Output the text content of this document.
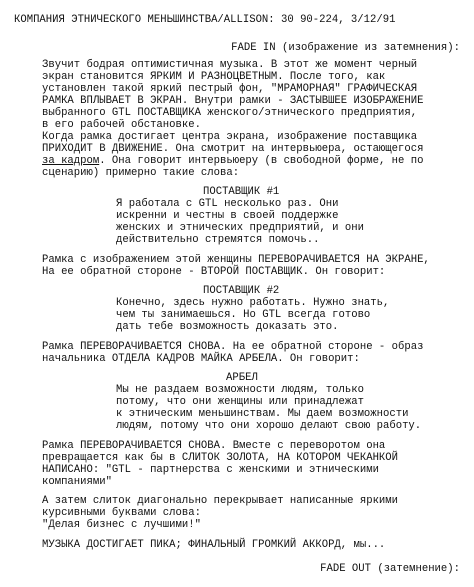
КОМПАНИЯ ЭТНИЧЕСКОГО МЕНЬШИНСТВА/ALLISON: 30 90-224, 3/12/91
FADE IN (изображение из затемнения):
Звучит бодрая оптимистичная музыка. В этот же момент черный
экран становится ЯРКИМ И РАЗНОЦВЕТНЫМ. После того, как
установлен такой яркий пестрый фон, "МРАМОРНАЯ" ГРАФИЧЕСКАЯ
РАМКА ВПЛЫВАЕТ В ЭКРАН. Внутри рамки - ЗАСТЫВШЕЕ ИЗОБРАЖЕНИЕ
выбранного GTL ПОСТАВЩИКА женского/этнического предприятия,
в его рабочей обстановке.
Когда рамка достигает центра экрана, изображение поставщика
ПРИХОДИТ В ДВИЖЕНИЕ. Она смотрит на интервьюера, остающегося
за кадром. Она говорит интервьюеру (в свободной форме, не по
сценарию) примерно такие слова:
ПОСТАВЩИК #1
Я работала с GTL несколько раз. Они
искренни и честны в своей поддержке
женских и этнических предприятий, и они
действительно стремятся помочь..
Рамка с изображением этой женщины ПЕРЕВОРАЧИВАЕТСЯ НА ЭКРАНЕ,
На ее обратной стороне - ВТОРОЙ ПОСТАВЩИК. Он говорит:
ПОСТАВЩИК #2
Конечно, здесь нужно работать. Нужно знать,
чем ты занимаешься. Но GTL всегда готово
дать тебе возможность доказать это.
Рамка ПЕРЕВОРАЧИВАЕТСЯ СНОВА. На ее обратной стороне - образ
начальника ОТДЕЛА КАДРОВ МАЙКА АРБЕЛА. Он говорит:
АРБЕЛ
Мы не раздаем возможности людям, только
потому, что они женщины или принадлежат
к этническим меньшинствам. Мы даем возможности
людям, потому что они хорошо делают свою работу.
Рамка ПЕРЕВОРАЧИВАЕТСЯ СНОВА. Вместе с переворотом она
превращается как бы в СЛИТОК ЗОЛОТА, НА КОТОРОМ ЧЕКАНКОЙ
НАПИСАНО: "GTL - партнерства с женскими и этническими
компаниями"
А затем слиток диагонально перекрывает написанные яркими
курсивными буквами слова:
"Делая бизнес с лучшими!"
МУЗЫКА ДОСТИГАЕТ ПИКА; ФИНАЛЬНЫЙ ГРОМКИЙ АККОРД, мы...
FADE OUT (затемнение):
